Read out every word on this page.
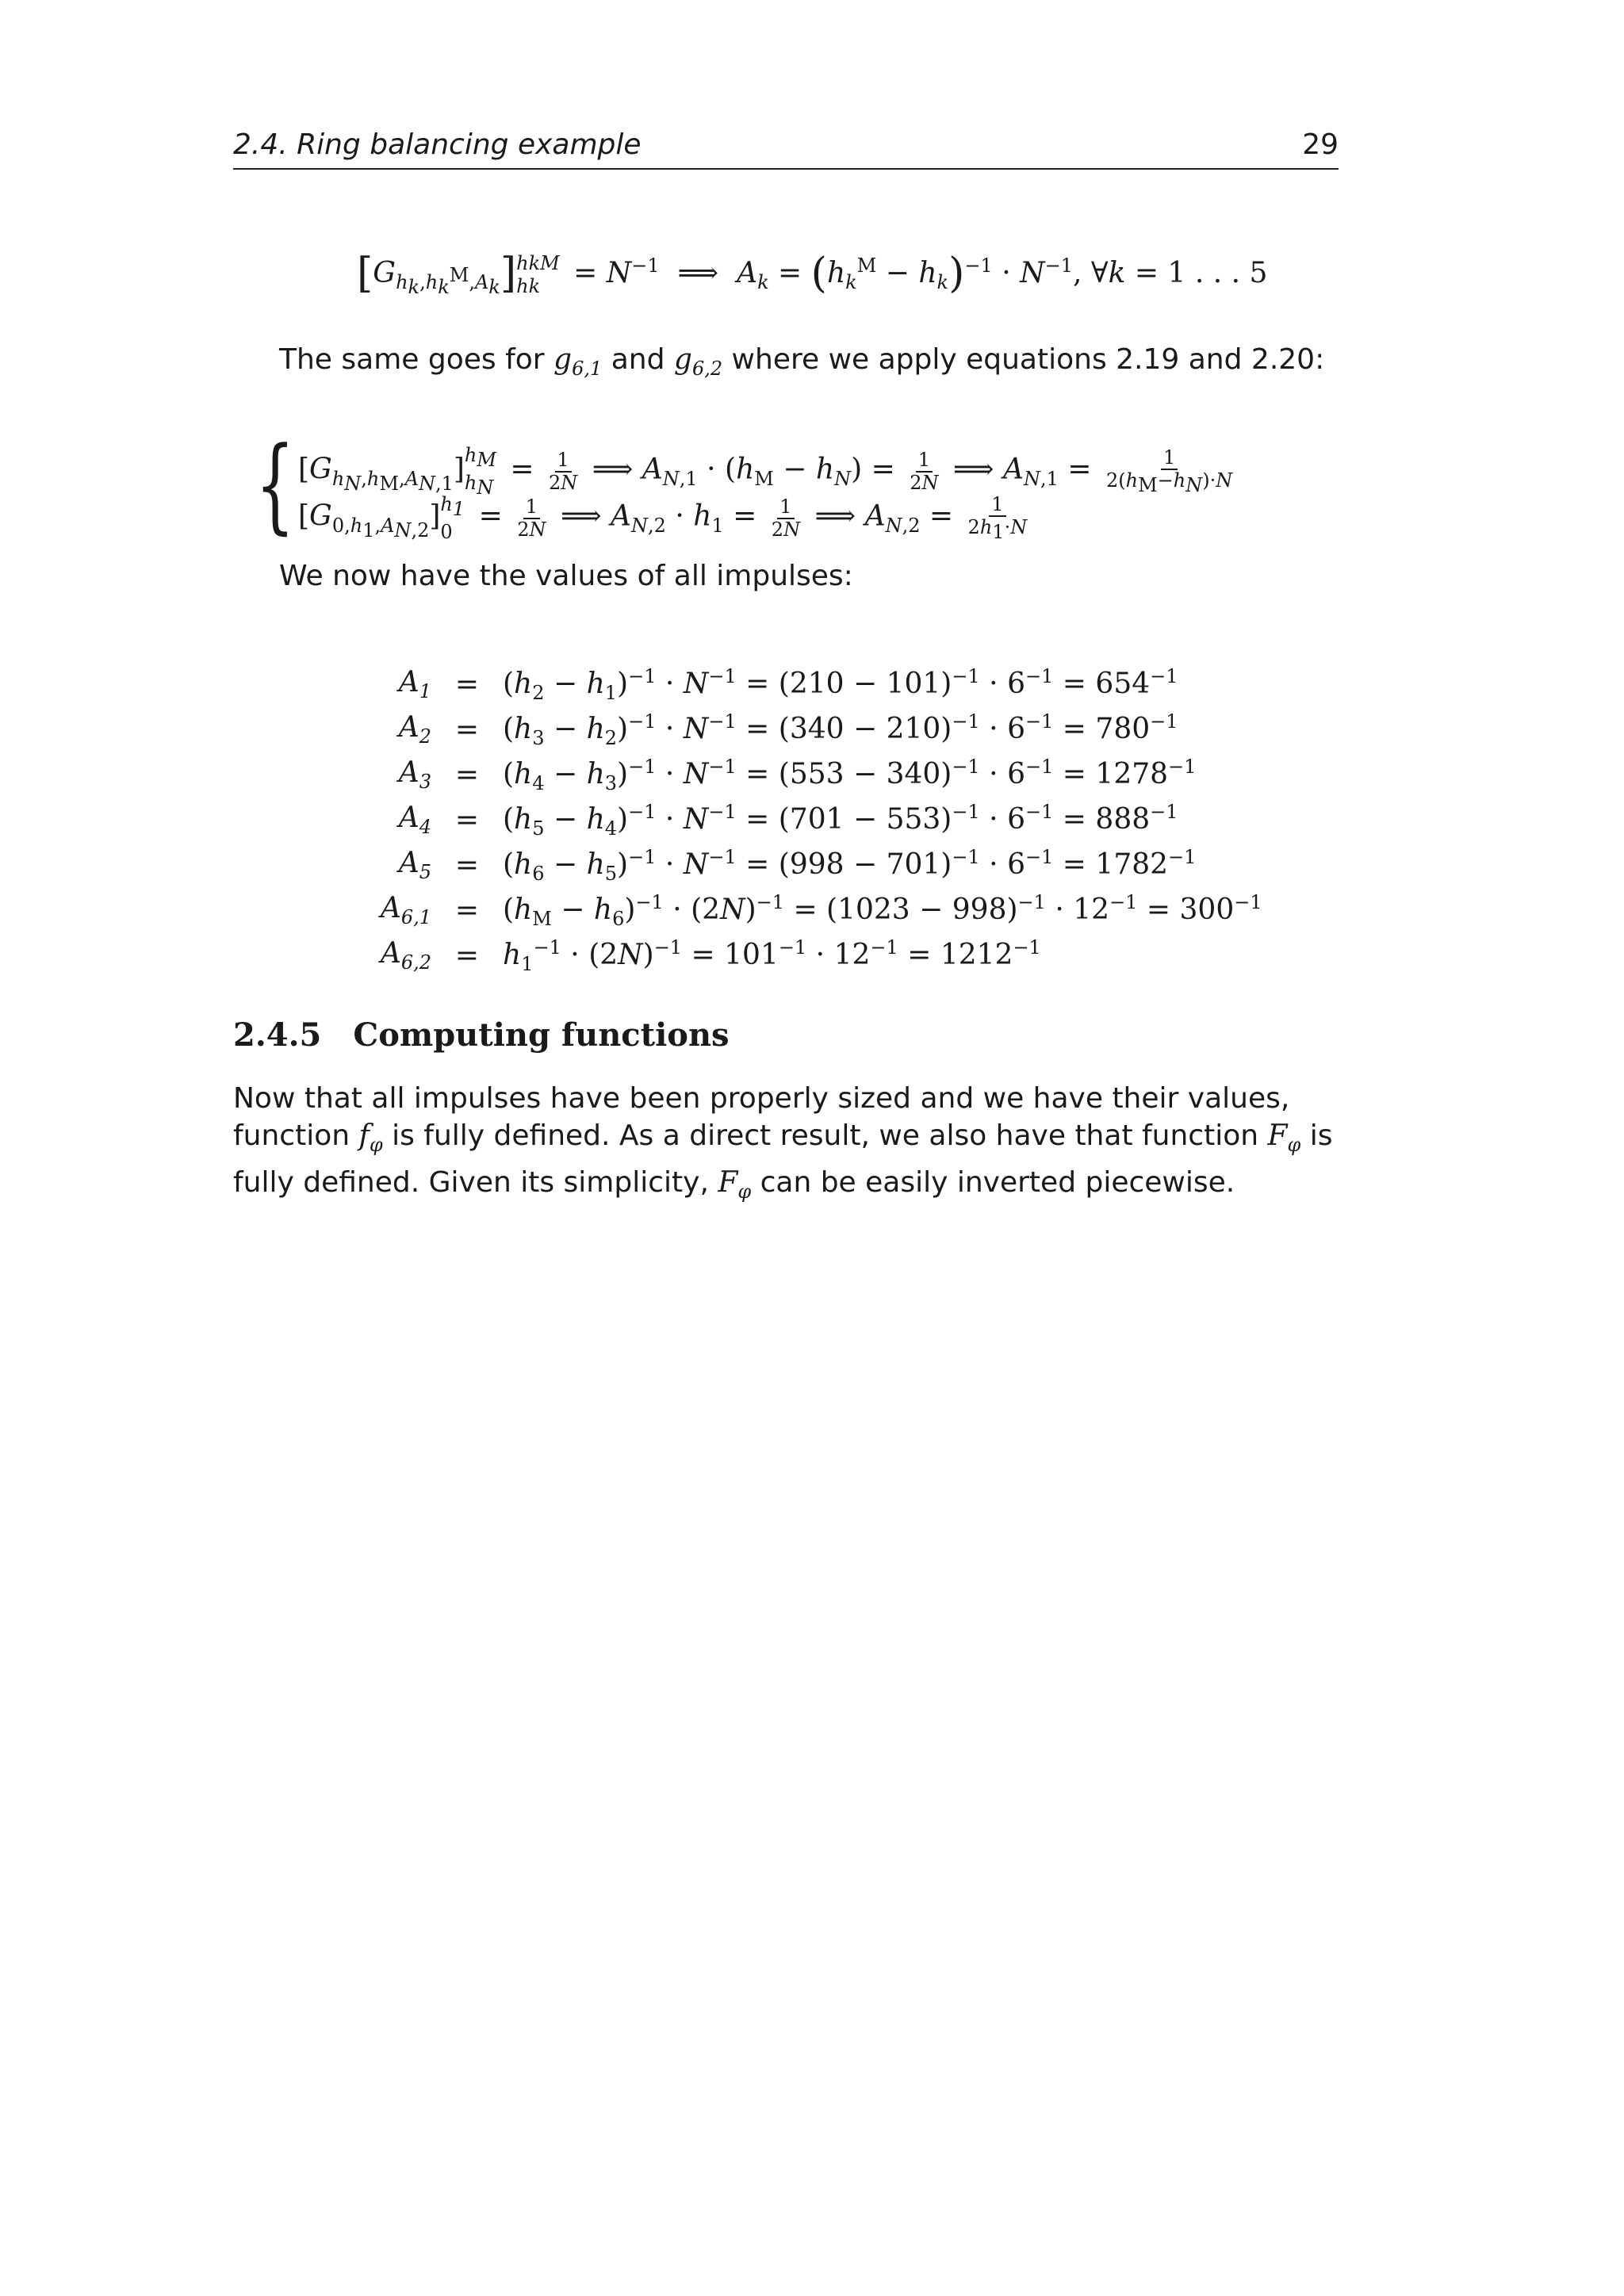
2.4. Ring balancing example	29
$[G_{h_k,h_k^M,A_k}]$ hkM
hk = $N^{-1}$  ⟹  $A_k = (h_k^M - h_k)^{-1} \cdot N^{-1}$, ∀k = 1 . . . 5
The same goes for $g_{6,1}$ and $g_{6,2}$ where we apply equations 2.19 and 2.20:
{ $[G_{h_N,h_M,A_{N,1}}]$ $h_M$
$h_N$
= $\frac{1}{2N}$ ⟹ $A_{N,1} \cdot (h_M - h_N) = \frac{1}{2N}$ ⟹ $A_{N,1} = \frac{1}{2(h_M-h_N)\cdot N}$
$[G_{0,h_1,A_{N,2}}]$ $h_1$
$0 = \frac{1}{2N}$ ⟹ $A_{N,2} \cdot h_1 = \frac{1}{2N}$ ⟹ $A_{N,2} = \frac{1}{2h_1\cdot N}$
We now have the values of all impulses:
$A_1$	=	$(h_2 - h_1)^{-1} \cdot N^{-1} = (210 - 101)^{-1} \cdot 6^{-1} = 654^{-1}$
$A_2$	=	$(h_3 - h_2)^{-1} \cdot N^{-1} = (340 - 210)^{-1} \cdot 6^{-1} = 780^{-1}$
$A_3$	=	$(h_4 - h_3)^{-1} \cdot N^{-1} = (553 - 340)^{-1} \cdot 6^{-1} = 1278^{-1}$
$A_4$	=	$(h_5 - h_4)^{-1} \cdot N^{-1} = (701 - 553)^{-1} \cdot 6^{-1} = 888^{-1}$
$A_5$	=	$(h_6 - h_5)^{-1} \cdot N^{-1} = (998 - 701)^{-1} \cdot 6^{-1} = 1782^{-1}$
$A_{6,1}$	=	$(h_M - h_6)^{-1} \cdot (2N)^{-1} = (1023 - 998)^{-1} \cdot 12^{-1} = 300^{-1}$
$A_{6,2}$	=	$h_1^{-1} \cdot (2N)^{-1} = 101^{-1} \cdot 12^{-1} = 1212^{-1}$
2.4.5 Computing functions
Now that all impulses have been properly sized and we have their values, function $f_\varphi$ is fully defined. As a direct result, we also have that function $F_\varphi$ is fully defined. Given its simplicity, $F_\varphi$ can be easily inverted piecewise.
